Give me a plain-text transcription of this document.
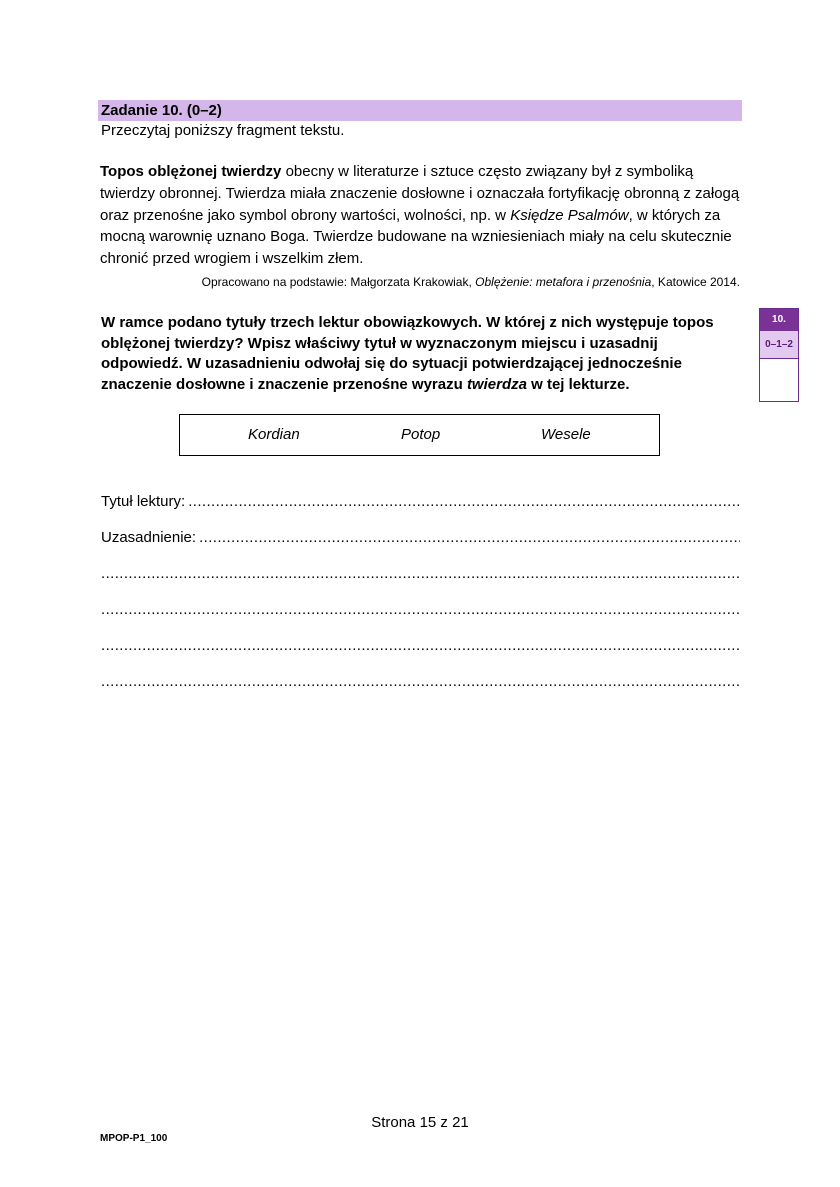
Zadanie 10. (0–2)
Przeczytaj poniższy fragment tekstu.

Topos oblężonej twierdzy obecny w literaturze i sztuce często związany był z symboliką twierdzy obronnej. Twierdza miała znaczenie dosłowne i oznaczała fortyfikację obronną z załogą oraz przenośne jako symbol obrony wartości, wolności, np. w Księdze Psalmów, w których za mocną warownię uznano Boga. Twierdze budowane na wzniesieniach miały na celu skutecznie chronić przed wrogiem i wszelkim złem.

Opracowano na podstawie: Małgorzata Krakowiak, Oblężenie: metafora i przenośnia, Katowice 2014.

W ramce podano tytuły trzech lektur obowiązkowych. W której z nich występuje topos oblężonej twierdzy? Wpisz właściwy tytuł w wyznaczonym miejscu i uzasadnij odpowiedź. W uzasadnieniu odwołaj się do sytuacji potwierdzającej jednocześnie znaczenie dosłowne i znaczenie przenośne wyrazu twierdza w tej lekturze.

10.
0–1–2
Kordian	Potop	Wesele
Tytuł lektury:
.....
Uzasadnienie:
.....
.....
.....
.....
.....
Strona 15 z 21
MPOP-P1_100
